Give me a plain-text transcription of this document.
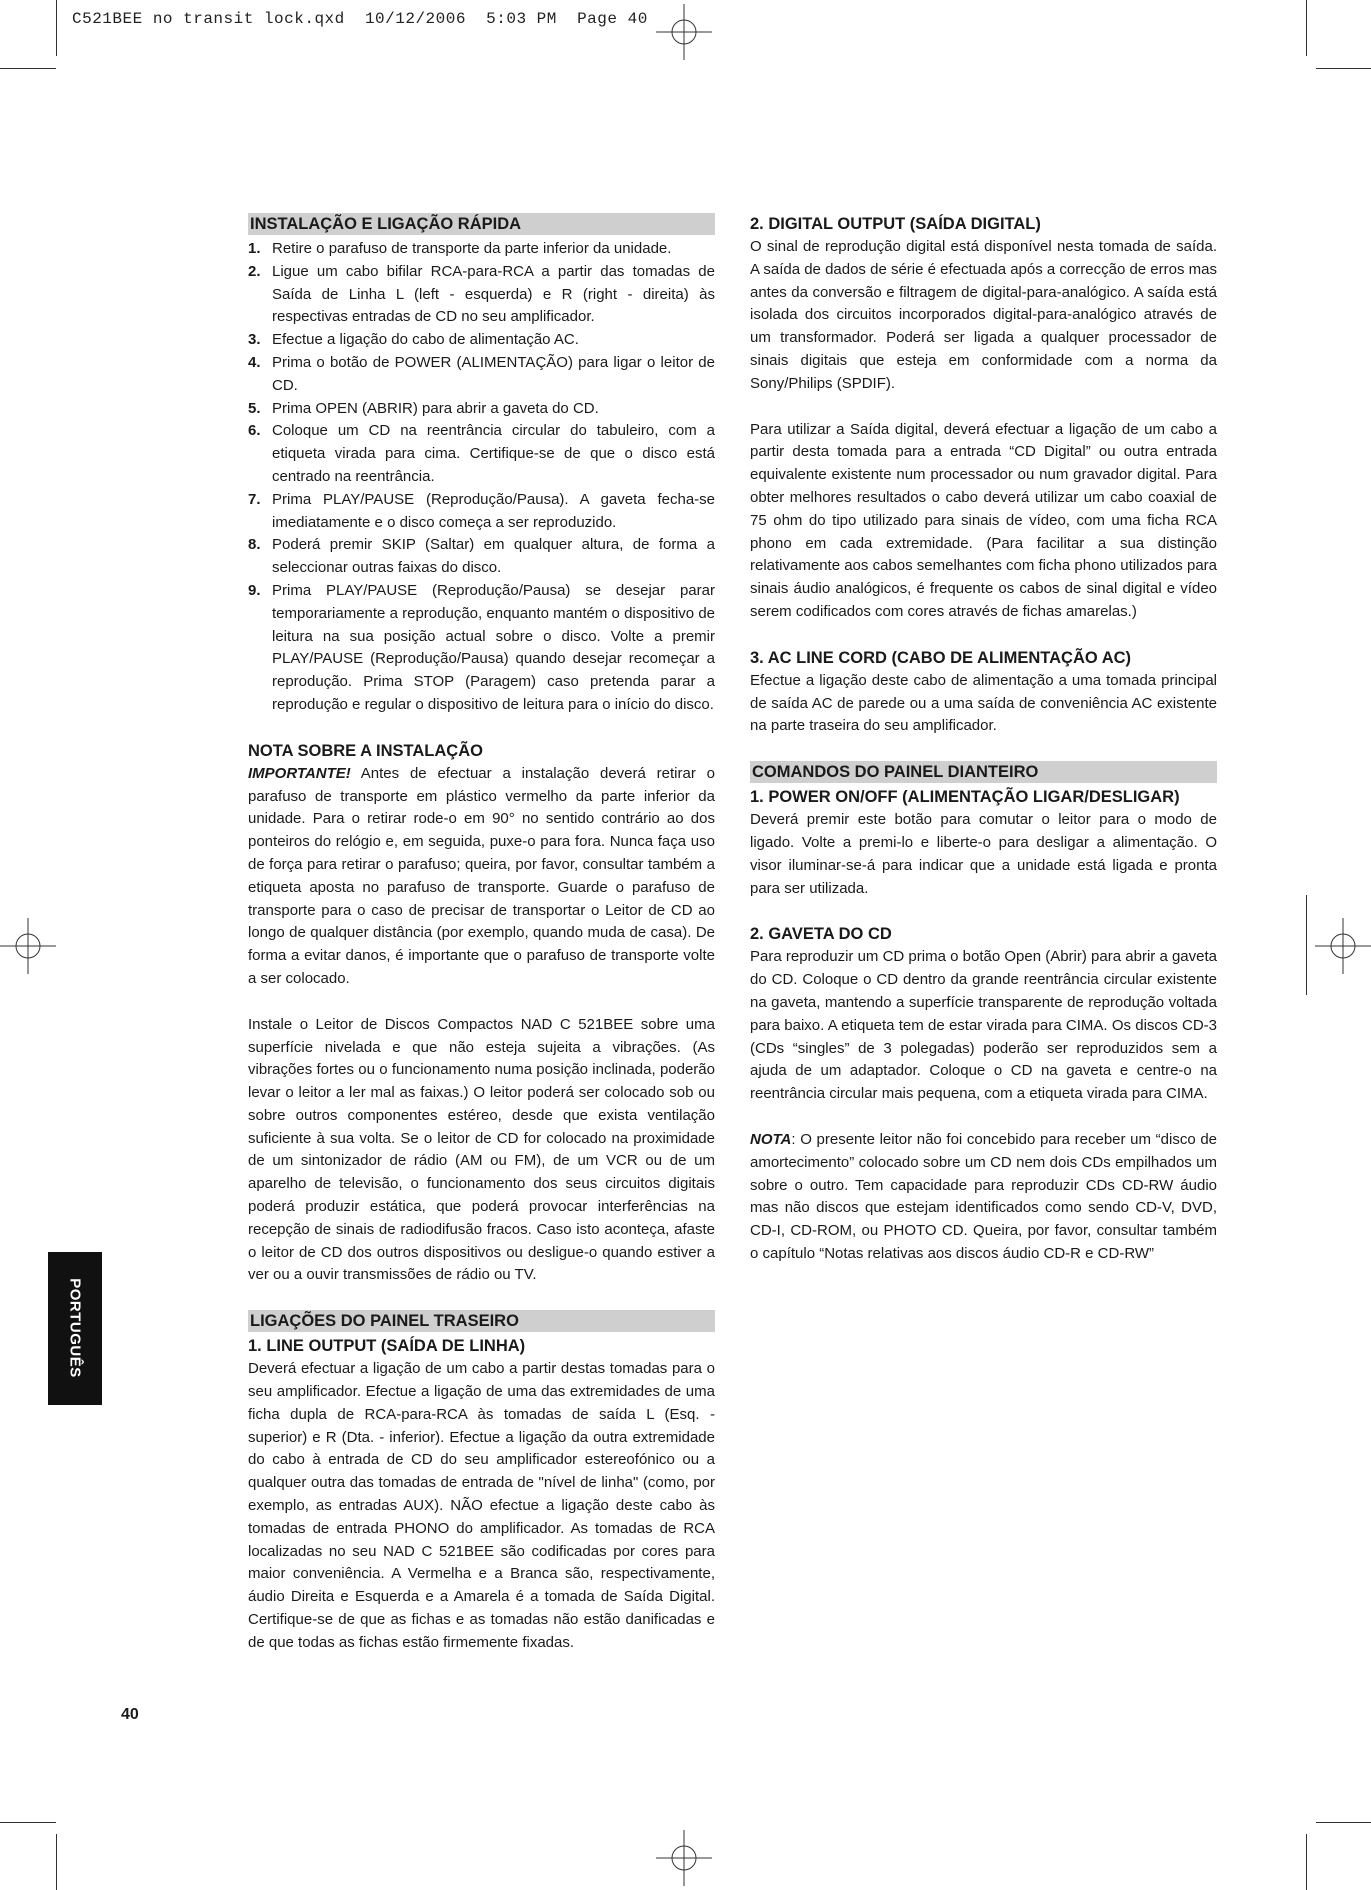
C521BEE no transit lock.qxd  10/12/2006  5:03 PM  Page 40
INSTALAÇÃO E LIGAÇÃO RÁPIDA
1. Retire o parafuso de transporte da parte inferior da unidade.
2. Ligue um cabo bifilar RCA-para-RCA a partir das tomadas de Saída de Linha L (left - esquerda) e R (right - direita) às respectivas entradas de CD no seu amplificador.
3. Efectue a ligação do cabo de alimentação AC.
4. Prima o botão de POWER (ALIMENTAÇÃO) para ligar o leitor de CD.
5. Prima OPEN (ABRIR) para abrir a gaveta do CD.
6. Coloque um CD na reentrância circular do tabuleiro, com a etiqueta virada para cima. Certifique-se de que o disco está centrado na reentrância.
7. Prima PLAY/PAUSE (Reprodução/Pausa). A gaveta fecha-se imediatamente e o disco começa a ser reproduzido.
8. Poderá premir SKIP (Saltar) em qualquer altura, de forma a seleccionar outras faixas do disco.
9. Prima PLAY/PAUSE (Reprodução/Pausa) se desejar parar temporariamente a reprodução, enquanto mantém o dispositivo de leitura na sua posição actual sobre o disco. Volte a premir PLAY/PAUSE (Reprodução/Pausa) quando desejar recomeçar a reprodução. Prima STOP (Paragem) caso pretenda parar a reprodução e regular o dispositivo de leitura para o início do disco.
NOTA SOBRE A INSTALAÇÃO

IMPORTANTE! Antes de efectuar a instalação deverá retirar o parafuso de transporte em plástico vermelho da parte inferior da unidade. Para o retirar rode-o em 90° no sentido contrário ao dos ponteiros do relógio e, em seguida, puxe-o para fora. Nunca faça uso de força para retirar o parafuso; queira, por favor, consultar também a etiqueta aposta no parafuso de transporte. Guarde o parafuso de transporte para o caso de precisar de transportar o Leitor de CD ao longo de qualquer distância (por exemplo, quando muda de casa). De forma a evitar danos, é importante que o parafuso de transporte volte a ser colocado.

Instale o Leitor de Discos Compactos NAD C 521BEE sobre uma superfície nivelada e que não esteja sujeita a vibrações. (As vibrações fortes ou o funcionamento numa posição inclinada, poderão levar o leitor a ler mal as faixas.) O leitor poderá ser colocado sob ou sobre outros componentes estéreo, desde que exista ventilação suficiente à sua volta. Se o leitor de CD for colocado na proximidade de um sintonizador de rádio (AM ou FM), de um VCR ou de um aparelho de televisão, o funcionamento dos seus circuitos digitais poderá produzir estática, que poderá provocar interferências na recepção de sinais de radiodifusão fracos. Caso isto aconteça, afaste o leitor de CD dos outros dispositivos ou desligue-o quando estiver a ver ou a ouvir transmissões de rádio ou TV.

LIGAÇÕES DO PAINEL TRASEIRO
1. LINE OUTPUT (SAÍDA DE LINHA)

Deverá efectuar a ligação de um cabo a partir destas tomadas para o seu amplificador. Efectue a ligação de uma das extremidades de uma ficha dupla de RCA-para-RCA às tomadas de saída L (Esq. - superior) e R (Dta. - inferior). Efectue a ligação da outra extremidade do cabo à entrada de CD do seu amplificador estereofónico ou a qualquer outra das tomadas de entrada de "nível de linha" (como, por exemplo, as entradas AUX). NÃO efectue a ligação deste cabo às tomadas de entrada PHONO do amplificador. As tomadas de RCA localizadas no seu NAD C 521BEE são codificadas por cores para maior conveniência. A Vermelha e a Branca são, respectivamente, áudio Direita e Esquerda e a Amarela é a tomada de Saída Digital. Certifique-se de que as fichas e as tomadas não estão danificadas e de que todas as fichas estão firmemente fixadas.

2. DIGITAL OUTPUT (SAÍDA DIGITAL)

O sinal de reprodução digital está disponível nesta tomada de saída. A saída de dados de série é efectuada após a correcção de erros mas antes da conversão e filtragem de digital-para-analógico. A saída está isolada dos circuitos incorporados digital-para-analógico através de um transformador. Poderá ser ligada a qualquer processador de sinais digitais que esteja em conformidade com a norma da Sony/Philips (SPDIF).

Para utilizar a Saída digital, deverá efectuar a ligação de um cabo a partir desta tomada para a entrada “CD Digital” ou outra entrada equivalente existente num processador ou num gravador digital. Para obter melhores resultados o cabo deverá utilizar um cabo coaxial de 75 ohm do tipo utilizado para sinais de vídeo, com uma ficha RCA phono em cada extremidade. (Para facilitar a sua distinção relativamente aos cabos semelhantes com ficha phono utilizados para sinais áudio analógicos, é frequente os cabos de sinal digital e vídeo serem codificados com cores através de fichas amarelas.)

3. AC LINE CORD (CABO DE ALIMENTAÇÃO AC)

Efectue a ligação deste cabo de alimentação a uma tomada principal de saída AC de parede ou a uma saída de conveniência AC existente na parte traseira do seu amplificador.

COMANDOS DO PAINEL DIANTEIRO
1. POWER ON/OFF (ALIMENTAÇÃO LIGAR/DESLIGAR)

Deverá premir este botão para comutar o leitor para o modo de ligado. Volte a premi-lo e liberte-o para desligar a alimentação. O visor iluminar-se-á para indicar que a unidade está ligada e pronta para ser utilizada.

2. GAVETA DO CD

Para reproduzir um CD prima o botão Open (Abrir) para abrir a gaveta do CD. Coloque o CD dentro da grande reentrância circular existente na gaveta, mantendo a superfície transparente de reprodução voltada para baixo. A etiqueta tem de estar virada para CIMA. Os discos CD-3 (CDs “singles” de 3 polegadas) poderão ser reproduzidos sem a ajuda de um adaptador. Coloque o CD na gaveta e centre-o na reentrância circular mais pequena, com a etiqueta virada para CIMA.

NOTA: O presente leitor não foi concebido para receber um “disco de amortecimento” colocado sobre um CD nem dois CDs empilhados um sobre o outro. Tem capacidade para reproduzir CDs CD-RW áudio mas não discos que estejam identificados como sendo CD-V, DVD, CD-I, CD-ROM, ou PHOTO CD. Queira, por favor, consultar também o capítulo “Notas relativas aos discos áudio CD-R e CD-RW”

PORTUGUÊS
40
